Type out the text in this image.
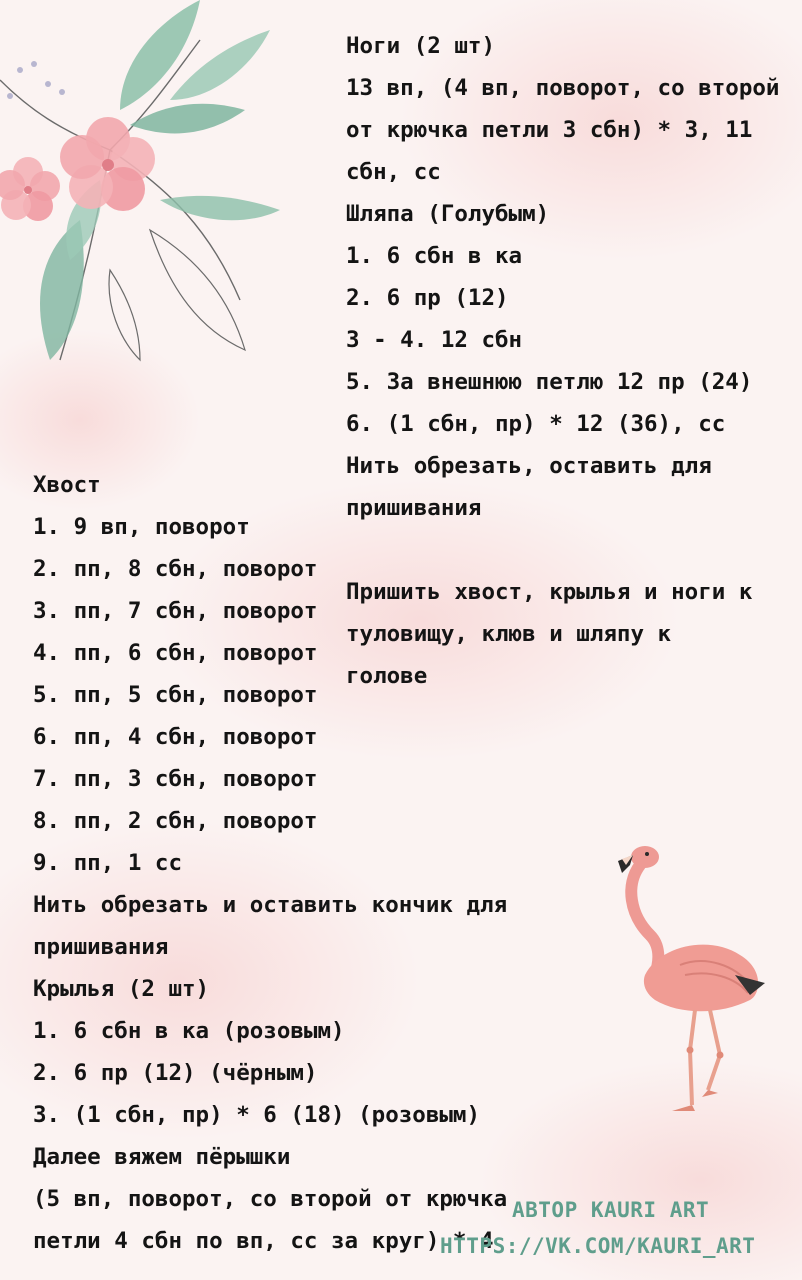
Ноги (2 шт)
13 вп, (4 вп, поворот, со второй
от крючка петли 3 сбн) * 3, 11
сбн, сс
Шляпа (Голубым)
1. 6 сбн в ка
2. 6 пр (12)
3 - 4. 12 сбн
5. За внешнюю петлю 12 пр (24)
6. (1 сбн, пр) * 12 (36), сс
Нить обрезать, оставить для
пришивания
Пришить хвост, крылья и ноги к
туловищу, клюв и шляпу к
голове
Хвост
1. 9 вп, поворот
2. пп, 8 сбн, поворот
3. пп, 7 сбн, поворот
4. пп, 6 сбн, поворот
5. пп, 5 сбн, поворот
6. пп, 4 сбн, поворот
7. пп, 3 сбн, поворот
8. пп, 2 сбн, поворот
9. пп, 1 сс
Нить обрезать и оставить кончик для
пришивания
Крылья (2 шт)
1. 6 сбн в ка (розовым)
2. 6 пр (12) (чёрным)
3. (1 сбн, пр) * 6 (18) (розовым)
Далее вяжем пёрышки
(5 вп, поворот, со второй от крючка
петли 4 сбн по вп, сс за круг) * 4
АВТОР KAURI ART
HTTPS://VK.COM/KAURI_ART
